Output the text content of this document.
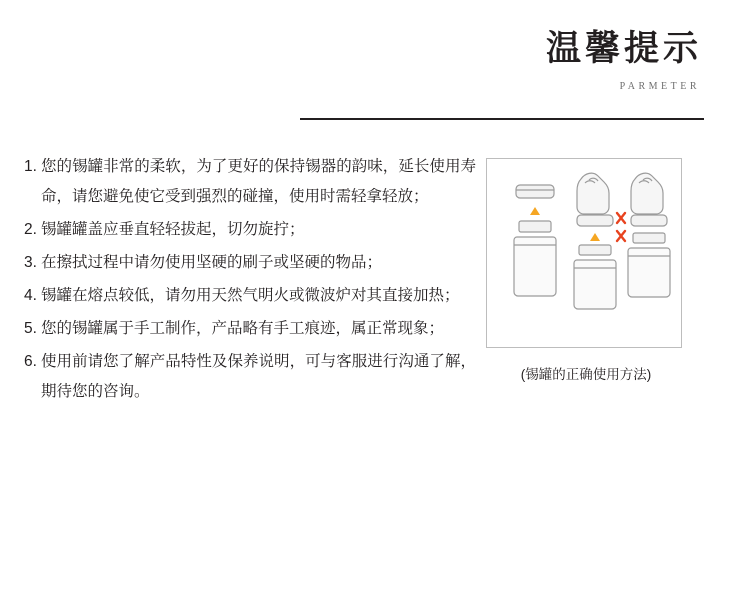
温馨提示
PARMETER
1. 您的锡罐非常的柔软，为了更好的保持锡器的韵味，延长使用寿命，请您避免使它受到强烈的碰撞，使用时需轻拿轻放；
2. 锡罐罐盖应垂直轻轻拔起，切勿旋拧；
3. 在擦拭过程中请勿使用坚硬的刷子或坚硬的物品；
4. 锡罐在熔点较低，请勿用天然气明火或微波炉对其直接加热；
5. 您的锡罐属于手工制作，产品略有手工痕迹，属正常现象；
6. 使用前请您了解产品特性及保养说明，可与客服进行沟通了解，期待您的咨询。
(锡罐的正确使用方法)
